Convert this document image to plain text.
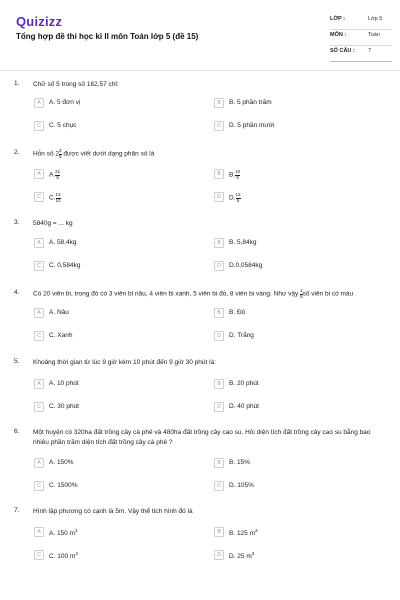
Quizizz
Tổng hợp đề thi học kì II môn Toán lớp 5 (đề 15)
LỚP :	Lớp 5
MÔN :	Toán
SỐ CÂU : 7
1. Chữ số 5 trong số 162,57 chỉ:
A	A. 5 đơn vị	B	B. 5 phần trăm
C	C. 5 chục	D	D. 5 phần mười
2. Hỗn số $2 \frac{3}{5}$ được viết dưới dạng phân số là
A	A. $\frac{21}{5}$	B	B. $\frac{10}{5}$
C	C. $\frac{13}{10}$	D	D. $\frac{13}{5}$
3. 5840g = ... kg
A	A. 58,4kg	B	B. 5,84kg
C	C. 0,584kg	D	D.0,0584kg
4. Có 20 viên bi, trong đó có 3 viên bi nâu, 4 viên bi xanh, 5 viên bi đỏ, 8 viên bi vàng. Như vậy $\frac{1}{5}$ số viên bi có màu
A	A. Nâu	B	B. Đỏ
C	C. Xanh	D	D. Trắng
5. Khoảng thời gian từ lúc 9 giờ kém 10 phút đến 9 giờ 30 phút là:
A	A. 10 phút	B	B. 20 phút
C	C. 30 phút	D	D. 40 phút
6. Một huyện có 320ha đất trồng cây cà phê và 480ha đất trồng cây cao su. Hỏi diện tích đất trồng cây cao su bằng bao nhiêu phần trăm diện tích đất trồng cây cà phê ?
A	A. 150%	B	B. 15%
C	C. 1500%	D	D. 105%
7. Hình lập phương có cạnh là 5m. Vậy thể tích hình đó là
A	A. 150 $m^3$	B	B. 125 $m^3$
C	C. 100 $m^3$	D	D. 25 $m^3$
